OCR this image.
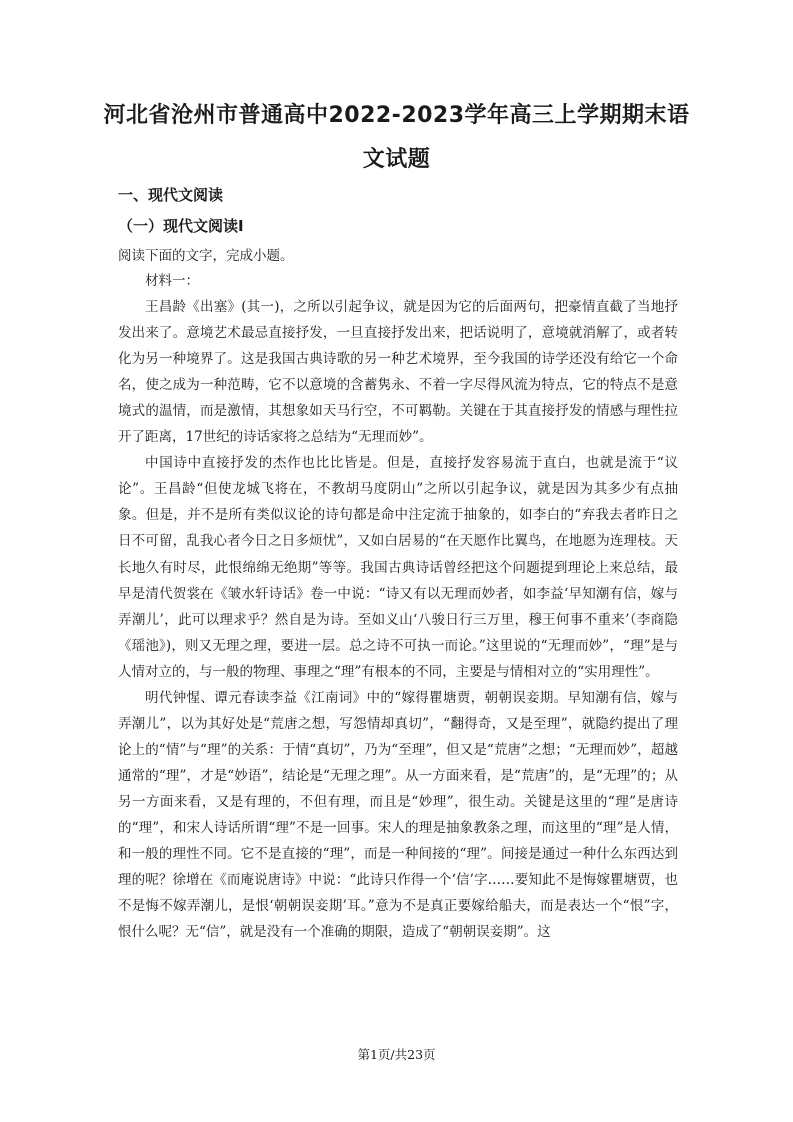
河北省沧州市普通高中2022-2023学年高三上学期期末语
文试题
一、现代文阅读
（一）现代文阅读Ⅰ

阅读下面的文字，完成小题。

材料一：

王昌龄《出塞》(其一)，之所以引起争议，就是因为它的后面两句，把豪情直截了当地抒发出来了。意境艺术最忌直接抒发，一旦直接抒发出来，把话说明了，意境就消解了，或者转化为另一种境界了。这是我国古典诗歌的另一种艺术境界，至今我国的诗学还没有给它一个命名，使之成为一种范畴，它不以意境的含蓄隽永、不着一字尽得风流为特点，它的特点不是意境式的温情，而是激情，其想象如天马行空，不可羁勒。关键在于其直接抒发的情感与理性拉开了距离，17世纪的诗话家将之总结为“无理而妙”。

中国诗中直接抒发的杰作也比比皆是。但是，直接抒发容易流于直白，也就是流于“议论”。王昌龄“但使龙城飞将在，不教胡马度阴山”之所以引起争议，就是因为其多少有点抽象。但是，并不是所有类似议论的诗句都是命中注定流于抽象的，如李白的“弃我去者昨日之日不可留，乱我心者今日之日多烦忧”，又如白居易的“在天愿作比翼鸟，在地愿为连理枝。天长地久有时尽，此恨绵绵无绝期”等等。我国古典诗话曾经把这个问题提到理论上来总结，最早是清代贺裳在《皱水轩诗话》卷一中说：“诗又有以无理而妙者，如李益‘早知潮有信，嫁与弄潮儿’，此可以理求乎？然自是为诗。至如义山‘八骏日行三万里，穆王何事不重来’（李商隐《瑶池》)，则又无理之理，要进一层。总之诗不可执一而论。”这里说的“无理而妙”，“理”是与人情对立的，与一般的物理、事理之“理”有根本的不同，主要是与情相对立的“实用理性”。

明代钟惺、谭元春读李益《江南词》中的“嫁得瞿塘贾，朝朝误妾期。早知潮有信，嫁与弄潮儿”，以为其好处是“荒唐之想，写怨情却真切”，“翻得奇，又是至理”，就隐约提出了理论上的“情”与“理”的关系：于情“真切”，乃为“至理”，但又是“荒唐”之想；“无理而妙”，超越通常的“理”，才是“妙语”，结论是“无理之理”。从一方面来看，是“荒唐”的，是“无理”的；从另一方面来看，又是有理的，不但有理，而且是“妙理”，很生动。关键是这里的“理”是唐诗的“理”，和宋人诗话所谓“理”不是一回事。宋人的理是抽象教条之理，而这里的“理”是人情，和一般的理性不同。它不是直接的“理”，而是一种间接的“理”。间接是通过一种什么东西达到理的呢？徐增在《而庵说唐诗》中说：“此诗只作得一个‘信’字……要知此不是悔嫁瞿塘贾，也不是悔不嫁弄潮儿，是恨‘朝朝误妾期’耳。”意为不是真正要嫁给船夫，而是表达一个“恨”字，恨什么呢？无“信”，就是没有一个准确的期限，造成了“朝朝误妾期”。这

第1页/共23页
